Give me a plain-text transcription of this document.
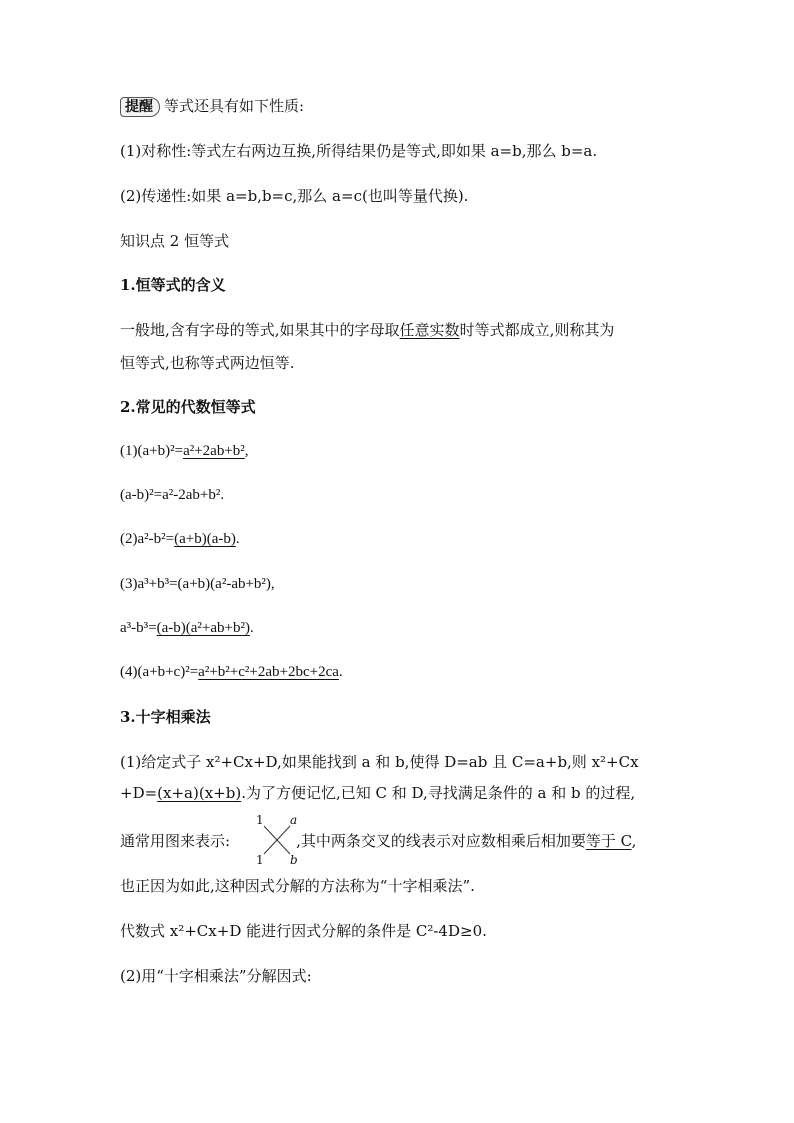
提醒 等式还具有如下性质:
(1)对称性:等式左右两边互换,所得结果仍是等式,即如果 a=b,那么 b=a.
(2)传递性:如果 a=b,b=c,那么 a=c(也叫等量代换).
知识点 2 恒等式
1.恒等式的含义
一般地,含有字母的等式,如果其中的字母取任意实数时等式都成立,则称其为
恒等式,也称等式两边恒等.
2.常见的代数恒等式
(1)(a+b)²=a²+2ab+b²,
(a-b)²=a²-2ab+b².
(2)a²-b²=(a+b)(a-b).
(3)a³+b³=(a+b)(a²-ab+b²),
a³-b³=(a-b)(a²+ab+b²).
(4)(a+b+c)²=a²+b²+c²+2ab+2bc+2ca.
3.十字相乘法
(1)给定式子 x²+Cx+D,如果能找到 a 和 b,使得 D=ab 且 C=a+b,则 x²+Cx
+D=(x+a)(x+b).为了方便记忆,已知 C 和 D,寻找满足条件的 a 和 b 的过程,
通常用图来表示:	,其中两条交叉的线表示对应数相乘后相加要等于 C,
1 a
1 b
也正因为如此,这种因式分解的方法称为“十字相乘法”.
代数式 x²+Cx+D 能进行因式分解的条件是 C²-4D≥0.
(2)用“十字相乘法”分解因式:
